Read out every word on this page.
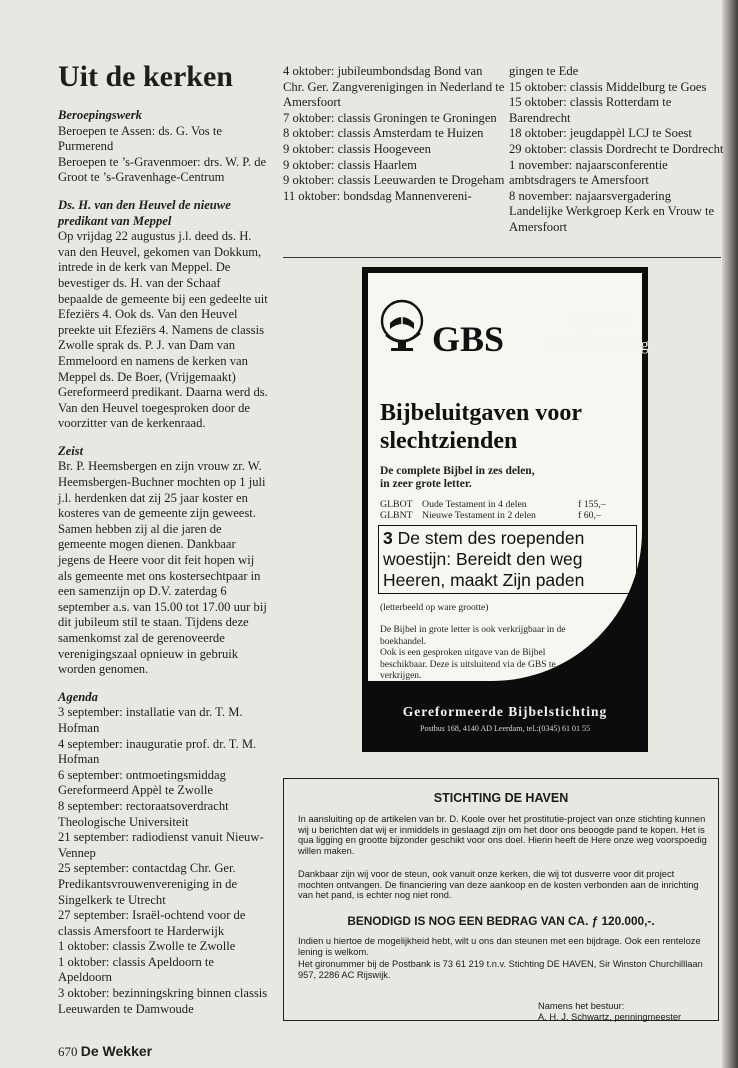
Uit de kerken

Beroepingswerk

Beroepen te Assen: ds. G. Vos te Purmerend

Beroepen te ’s-Gravenmoer: drs. W. P. de Groot te ’s-Gravenhage-Centrum

Ds. H. van den Heuvel de nieuwe predikant van Meppel

Op vrijdag 22 augustus j.l. deed ds. H. van den Heuvel, gekomen van Dokkum, intrede in de kerk van Meppel. De bevestiger ds. H. van der Schaaf bepaalde de gemeente bij een gedeelte uit Efeziërs 4. Ook ds. Van den Heuvel preekte uit Efeziërs 4. Namens de classis Zwolle sprak ds. P. J. van Dam van Emmeloord en namens de kerken van Meppel ds. De Boer, (Vrijgemaakt) Gereformeerd predikant. Daarna werd ds. Van den Heuvel toegesproken door de voorzitter van de kerkenraad.

Zeist

Br. P. Heemsbergen en zijn vrouw zr. W. Heemsbergen-Buchner mochten op 1 juli j.l. herdenken dat zij 25 jaar koster en kosteres van de gemeente zijn geweest. Samen hebben zij al die jaren de gemeente mogen dienen. Dankbaar jegens de Heere voor dit feit hopen wij als gemeente met ons kostersechtpaar in een samenzijn op D.V. zaterdag 6 september a.s. van 15.00 tot 17.00 uur bij dit jubileum stil te staan. Tijdens deze samenkomst zal de gerenoveerde verenigingszaal opnieuw in gebruik worden genomen.

Agenda

3 september: installatie van dr. T. M. Hofman

4 september: inauguratie prof. dr. T. M. Hofman

6 september: ontmoetingsmiddag Gereformeerd Appèl te Zwolle

8 september: rectoraatsoverdracht Theologische Universiteit

21 september: radiodienst vanuit Nieuw-Vennep

25 september: contactdag Chr. Ger. Predikantsvrouwenvereniging in de Singelkerk te Utrecht

27 september: Israël-ochtend voor de classis Amersfoort te Harderwijk

1 oktober: classis Zwolle te Zwolle

1 oktober: classis Apeldoorn te Apeldoorn

3 oktober: bezinningskring binnen classis Leeuwarden te Damwoude

4 oktober: jubileumbondsdag Bond van Chr. Ger. Zangverenigingen in Nederland te Amersfoort

7 oktober: classis Groningen te Groningen

8 oktober: classis Amsterdam te Huizen

9 oktober: classis Hoogeveen

9 oktober: classis Haarlem

9 oktober: classis Leeuwarden te Drogeham

11 oktober: bondsdag Mannenvereni-

gingen te Ede

15 oktober: classis Middelburg te Goes

15 oktober: classis Rotterdam te Barendrecht

18 oktober: jeugdappèl LCJ te Soest

29 oktober: classis Dordrecht te Dordrecht

1 november: najaarsconferentie ambtsdragers te Amersfoort

8 november: najaarsvergadering Landelijke Werkgroep Kerk en Vrouw te Amersfoort

GBS
Bijbeluitgaven voor
slechtzienden
De complete Bijbel in zes delen,
in zeer grote letter.
GLBOT Oude Testament in 4 delen	f 155,–
GLBNT Nieuwe Testament in 2 delen	f 60,–
3 De stem des roependen
woestijn: Bereidt den weg
Heeren, maakt Zijn paden
(letterbeeld op ware grootte)
De Bijbel in grote letter is ook verkrijgbaar in de boekhandel.
Ook is een gesproken uitgave van de Bijbel beschikbaar. Deze is uitsluitend via de GBS te verkrijgen.
Bijbels in
Statenvertaling
Gereformeerde Bijbelstichting
Postbus 168, 4140 AD Leerdam, tel.:(0345) 61 01 55
STICHTING DE HAVEN

In aansluiting op de artikelen van br. D. Koole over het prostitutie-project van onze stichting kunnen wij u berichten dat wij er inmiddels in geslaagd zijn om het door ons beoogde pand te kopen. Het is qua ligging en grootte bijzonder geschikt voor ons doel. Hierin heeft de Here onze weg voorspoedig willen maken.

Dankbaar zijn wij voor de steun, ook vanuit onze kerken, die wij tot dusverre voor dit project mochten ontvangen. De financiering van deze aankoop en de kosten verbonden aan de inrichting van het pand, is echter nog niet rond.

BENODIGD IS NOG EEN BEDRAG VAN CA. ƒ 120.000,-.

Indien u hiertoe de mogelijkheid hebt, wilt u ons dan steunen met een bijdrage. Ook een renteloze lening is welkom.

Het gironummer bij de Postbank is 73 61 219 t.n.v. Stichting DE HAVEN, Sir Winston Churchilllaan 957, 2286 AC Rijswijk.

Namens het bestuur:
A. H. J. Schwartz, penningmeester
670 De Wekker
